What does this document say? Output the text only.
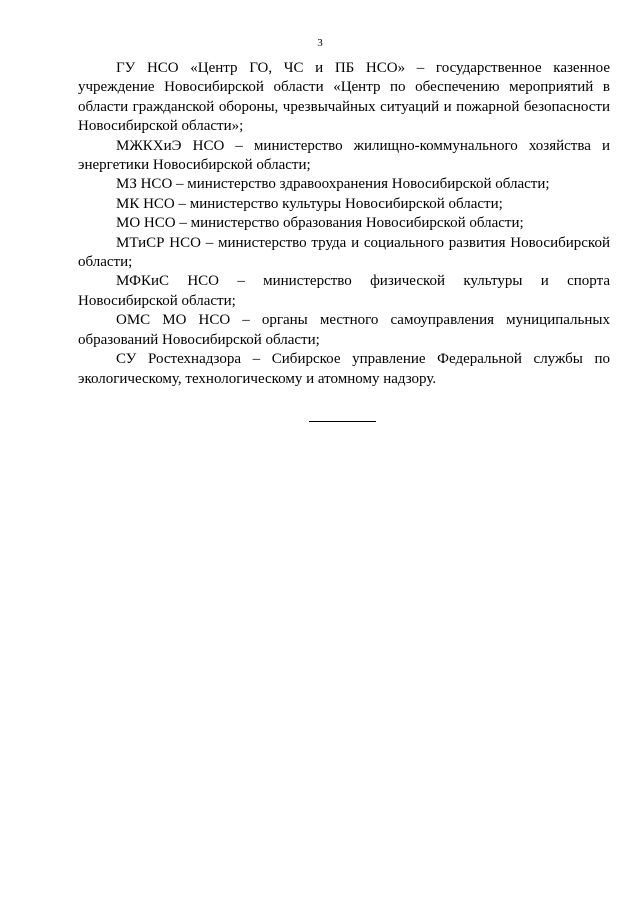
3

ГУ НСО «Центр ГО, ЧС и ПБ НСО» – государственное казенное учреждение Новосибирской области «Центр по обеспечению мероприятий в области гражданской обороны, чрезвычайных ситуаций и пожарной безопасности Новосибирской области»;

МЖКХиЭ НСО – министерство жилищно-коммунального хозяйства и энергетики Новосибирской области;

МЗ НСО – министерство здравоохранения Новосибирской области;

МК НСО – министерство культуры Новосибирской области;

МО НСО – министерство образования Новосибирской области;

МТиСР НСО – министерство труда и социального развития Новосибирской области;

МФКиС НСО – министерство физической культуры и спорта Новосибирской области;

ОМС МО НСО – органы местного самоуправления муниципальных образований Новосибирской области;

СУ Ростехнадзора – Сибирское управление Федеральной службы по экологическому, технологическому и атомному надзору.
